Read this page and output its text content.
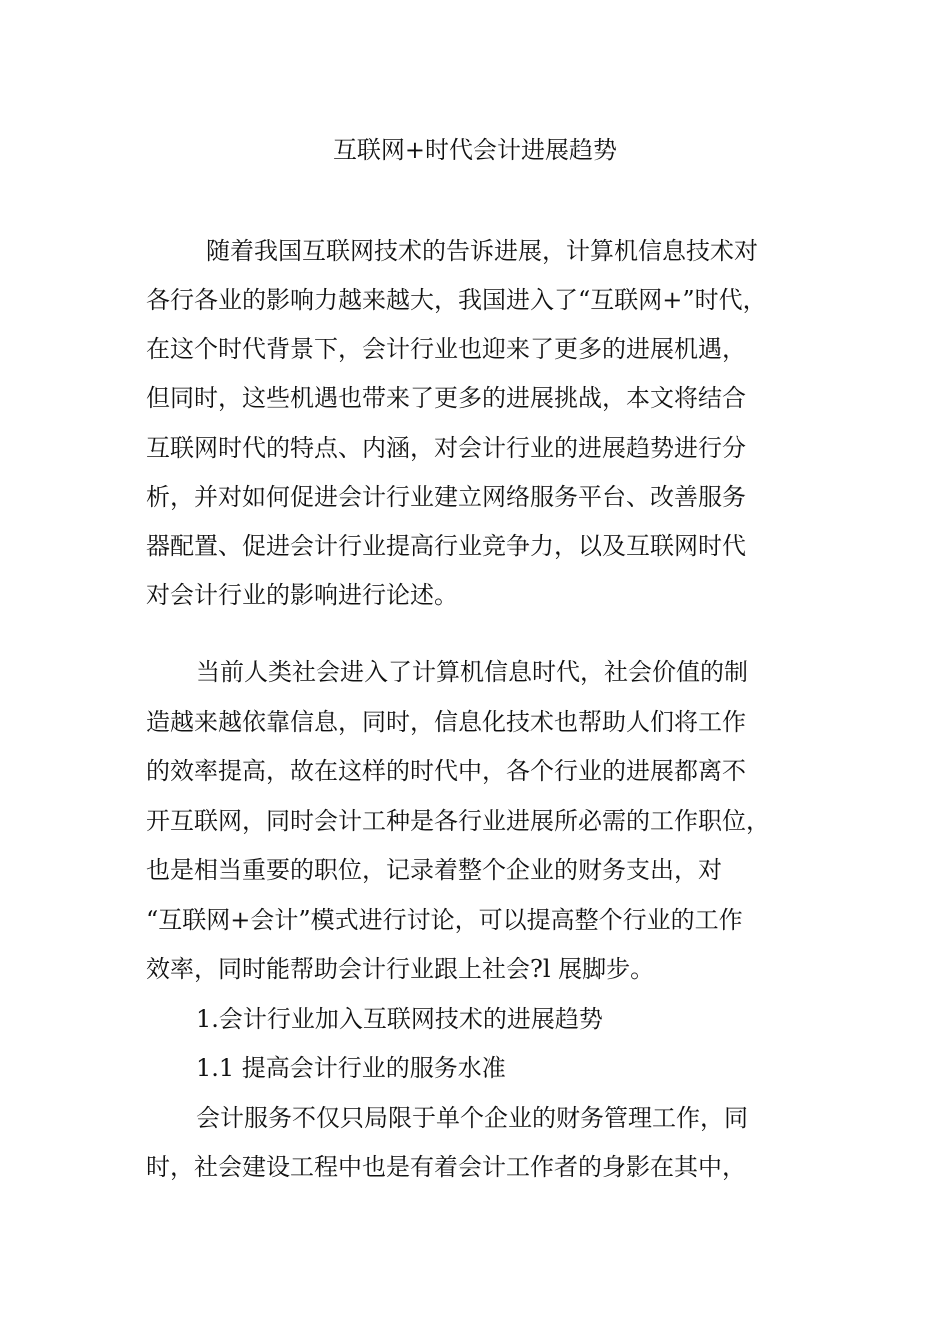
互联网+时代会计进展趋势
随着我国互联网技术的告诉进展，计算机信息技术对
各行各业的影响力越来越大，我国进入了“互联网+”时代，
在这个时代背景下，会计行业也迎来了更多的进展机遇，
但同时，这些机遇也带来了更多的进展挑战，本文将结合
互联网时代的特点、内涵，对会计行业的进展趋势进行分
析，并对如何促进会计行业建立网络服务平台、改善服务
器配置、促进会计行业提高行业竞争力，以及互联网时代
对会计行业的影响进行论述。
当前人类社会进入了计算机信息时代，社会价值的制
造越来越依靠信息，同时，信息化技术也帮助人们将工作
的效率提高，故在这样的时代中，各个行业的进展都离不
开互联网，同时会计工种是各行业进展所必需的工作职位，
也是相当重要的职位，记录着整个企业的财务支出，对
“互联网+会计”模式进行讨论，可以提高整个行业的工作
效率，同时能帮助会计行业跟上社会?l 展脚步。
1.会计行业加入互联网技术的进展趋势
1.1 提高会计行业的服务水准
会计服务不仅只局限于单个企业的财务管理工作，同
时，社会建设工程中也是有着会计工作者的身影在其中，
